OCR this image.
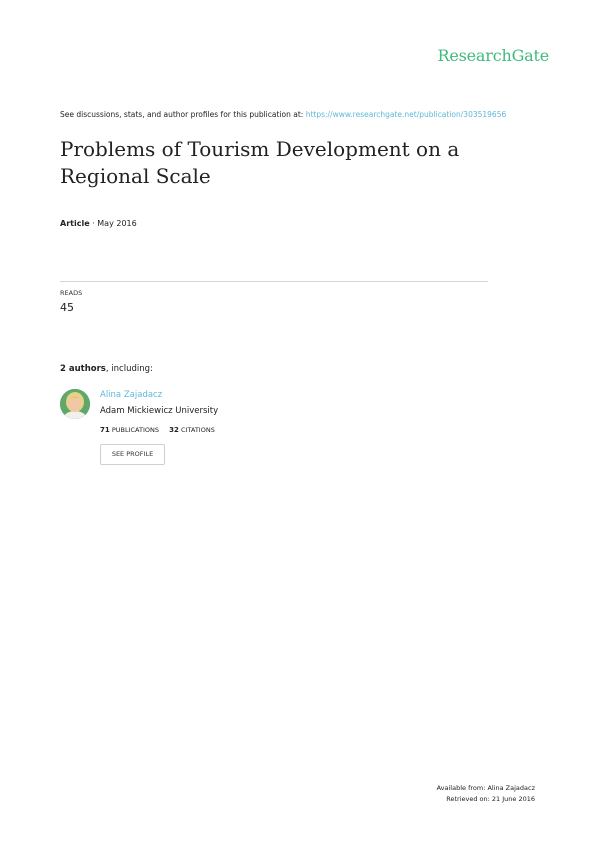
ResearchGate
See discussions, stats, and author profiles for this publication at: https://www.researchgate.net/publication/303519656
Problems of Tourism Development on a Regional Scale
Article · May 2016
READS
45
2 authors, including:
Alina Zajadacz
Adam Mickiewicz University
71 PUBLICATIONS 32 CITATIONS
SEE PROFILE
Available from: Alina Zajadacz
Retrieved on: 21 June 2016
